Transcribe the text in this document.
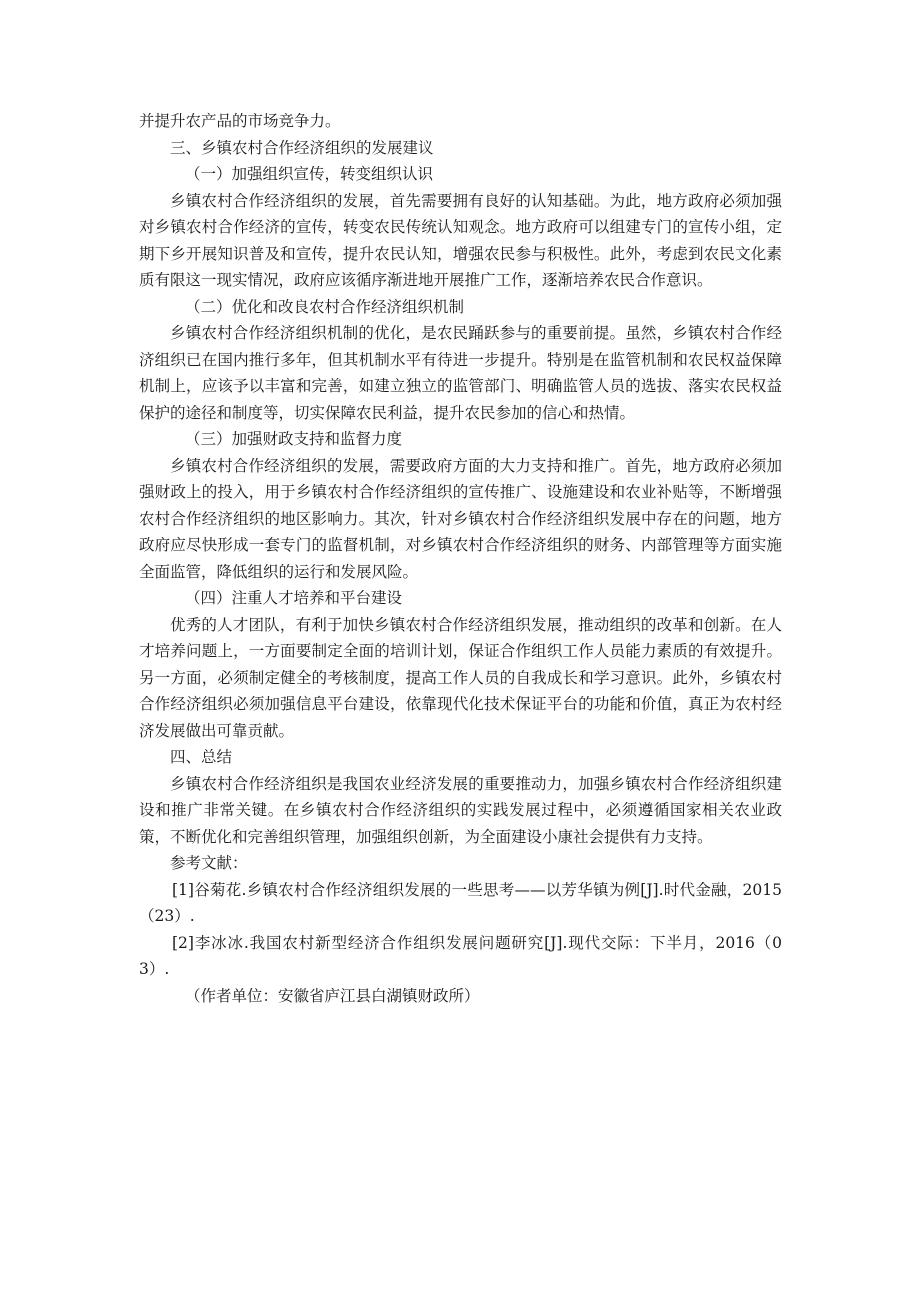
并提升农产品的市场竞争力。

三、乡镇农村合作经济组织的发展建议

（一）加强组织宣传，转变组织认识

乡镇农村合作经济组织的发展，首先需要拥有良好的认知基础。为此，地方政府必须加强对乡镇农村合作经济的宣传，转变农民传统认知观念。地方政府可以组建专门的宣传小组，定期下乡开展知识普及和宣传，提升农民认知，增强农民参与积极性。此外，考虑到农民文化素质有限这一现实情况，政府应该循序渐进地开展推广工作，逐渐培养农民合作意识。

（二）优化和改良农村合作经济组织机制

乡镇农村合作经济组织机制的优化，是农民踊跃参与的重要前提。虽然，乡镇农村合作经济组织已在国内推行多年，但其机制水平有待进一步提升。特别是在监管机制和农民权益保障机制上，应该予以丰富和完善，如建立独立的监管部门、明确监管人员的选拔、落实农民权益保护的途径和制度等，切实保障农民利益，提升农民参加的信心和热情。

（三）加强财政支持和监督力度

乡镇农村合作经济组织的发展，需要政府方面的大力支持和推广。首先，地方政府必须加强财政上的投入，用于乡镇农村合作经济组织的宣传推广、设施建设和农业补贴等，不断增强农村合作经济组织的地区影响力。其次，针对乡镇农村合作经济组织发展中存在的问题，地方政府应尽快形成一套专门的监督机制，对乡镇农村合作经济组织的财务、内部管理等方面实施全面监管，降低组织的运行和发展风险。

（四）注重人才培养和平台建设

优秀的人才团队，有利于加快乡镇农村合作经济组织发展，推动组织的改革和创新。在人才培养问题上，一方面要制定全面的培训计划，保证合作组织工作人员能力素质的有效提升。另一方面，必须制定健全的考核制度，提高工作人员的自我成长和学习意识。此外，乡镇农村合作经济组织必须加强信息平台建设，依靠现代化技术保证平台的功能和价值，真正为农村经济发展做出可靠贡献。

四、总结

乡镇农村合作经济组织是我国农业经济发展的重要推动力，加强乡镇农村合作经济组织建设和推广非常关键。在乡镇农村合作经济组织的实践发展过程中，必须遵循国家相关农业政策，不断优化和完善组织管理，加强组织创新，为全面建设小康社会提供有力支持。

参考文献：

[1]谷菊花.乡镇农村合作经济组织发展的一些思考——以芳华镇为例[J].时代金融，2015（23）.

[2]李冰冰.我国农村新型经济合作组织发展问题研究[J].现代交际：下半月，2016（03）.

（作者单位：安徽省庐江县白湖镇财政所）
